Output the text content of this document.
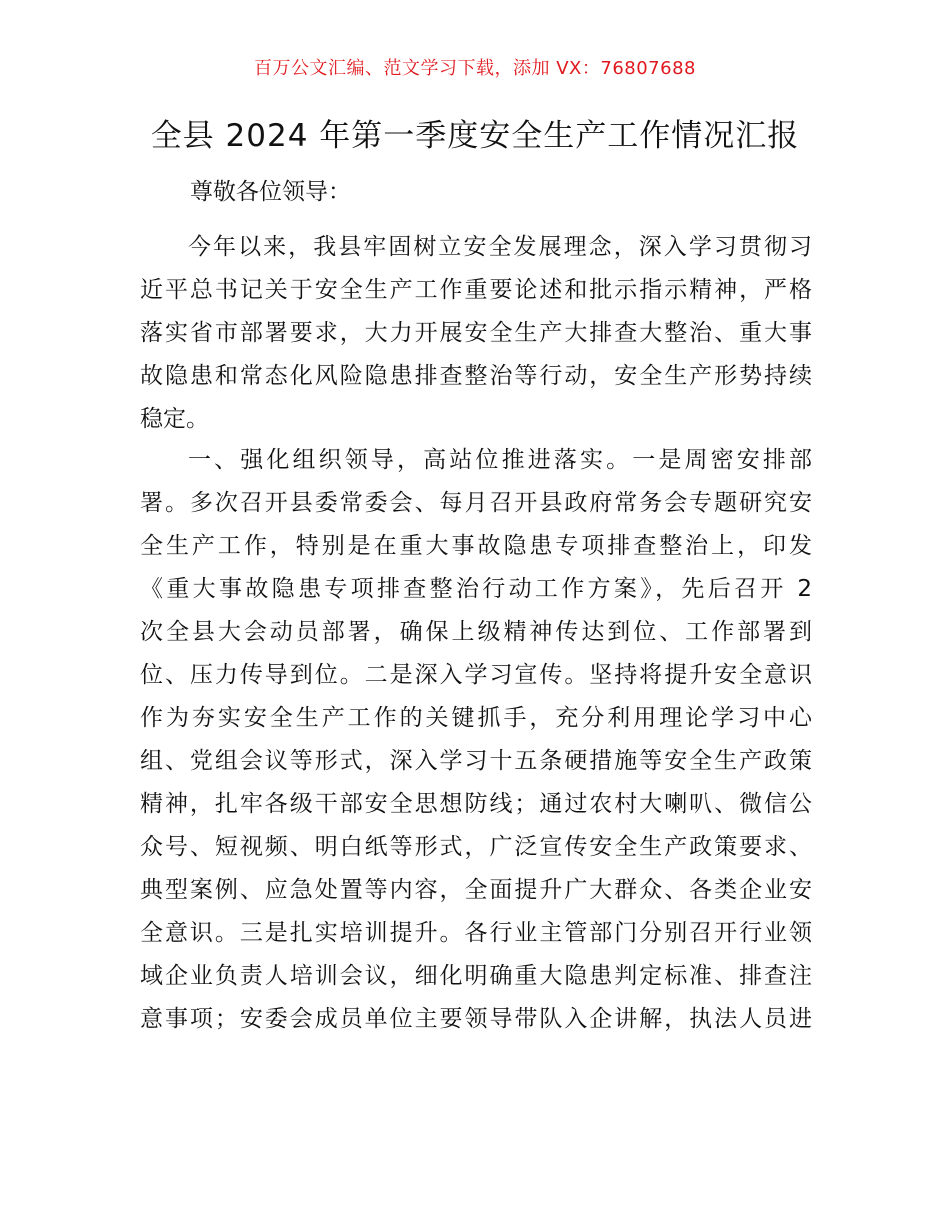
百万公文汇编、范文学习下载，添加 VX：76807688
全县 2024 年第一季度安全生产工作情况汇报
尊敬各位领导：
今年以来，我县牢固树立安全发展理念，深入学习贯彻习
近平总书记关于安全生产工作重要论述和批示指示精神，严格
落实省市部署要求，大力开展安全生产大排查大整治、重大事
故隐患和常态化风险隐患排查整治等行动，安全生产形势持续
稳定。
一、强化组织领导，高站位推进落实。一是周密安排部
署。多次召开县委常委会、每月召开县政府常务会专题研究安
全生产工作，特别是在重大事故隐患专项排查整治上，印发
《重大事故隐患专项排查整治行动工作方案》，先后召开 2
次全县大会动员部署，确保上级精神传达到位、工作部署到
位、压力传导到位。二是深入学习宣传。坚持将提升安全意识
作为夯实安全生产工作的关键抓手，充分利用理论学习中心
组、党组会议等形式，深入学习十五条硬措施等安全生产政策
精神，扎牢各级干部安全思想防线；通过农村大喇叭、微信公
众号、短视频、明白纸等形式，广泛宣传安全生产政策要求、
典型案例、应急处置等内容，全面提升广大群众、各类企业安
全意识。三是扎实培训提升。各行业主管部门分别召开行业领
域企业负责人培训会议，细化明确重大隐患判定标准、排查注
意事项；安委会成员单位主要领导带队入企讲解，执法人员进
